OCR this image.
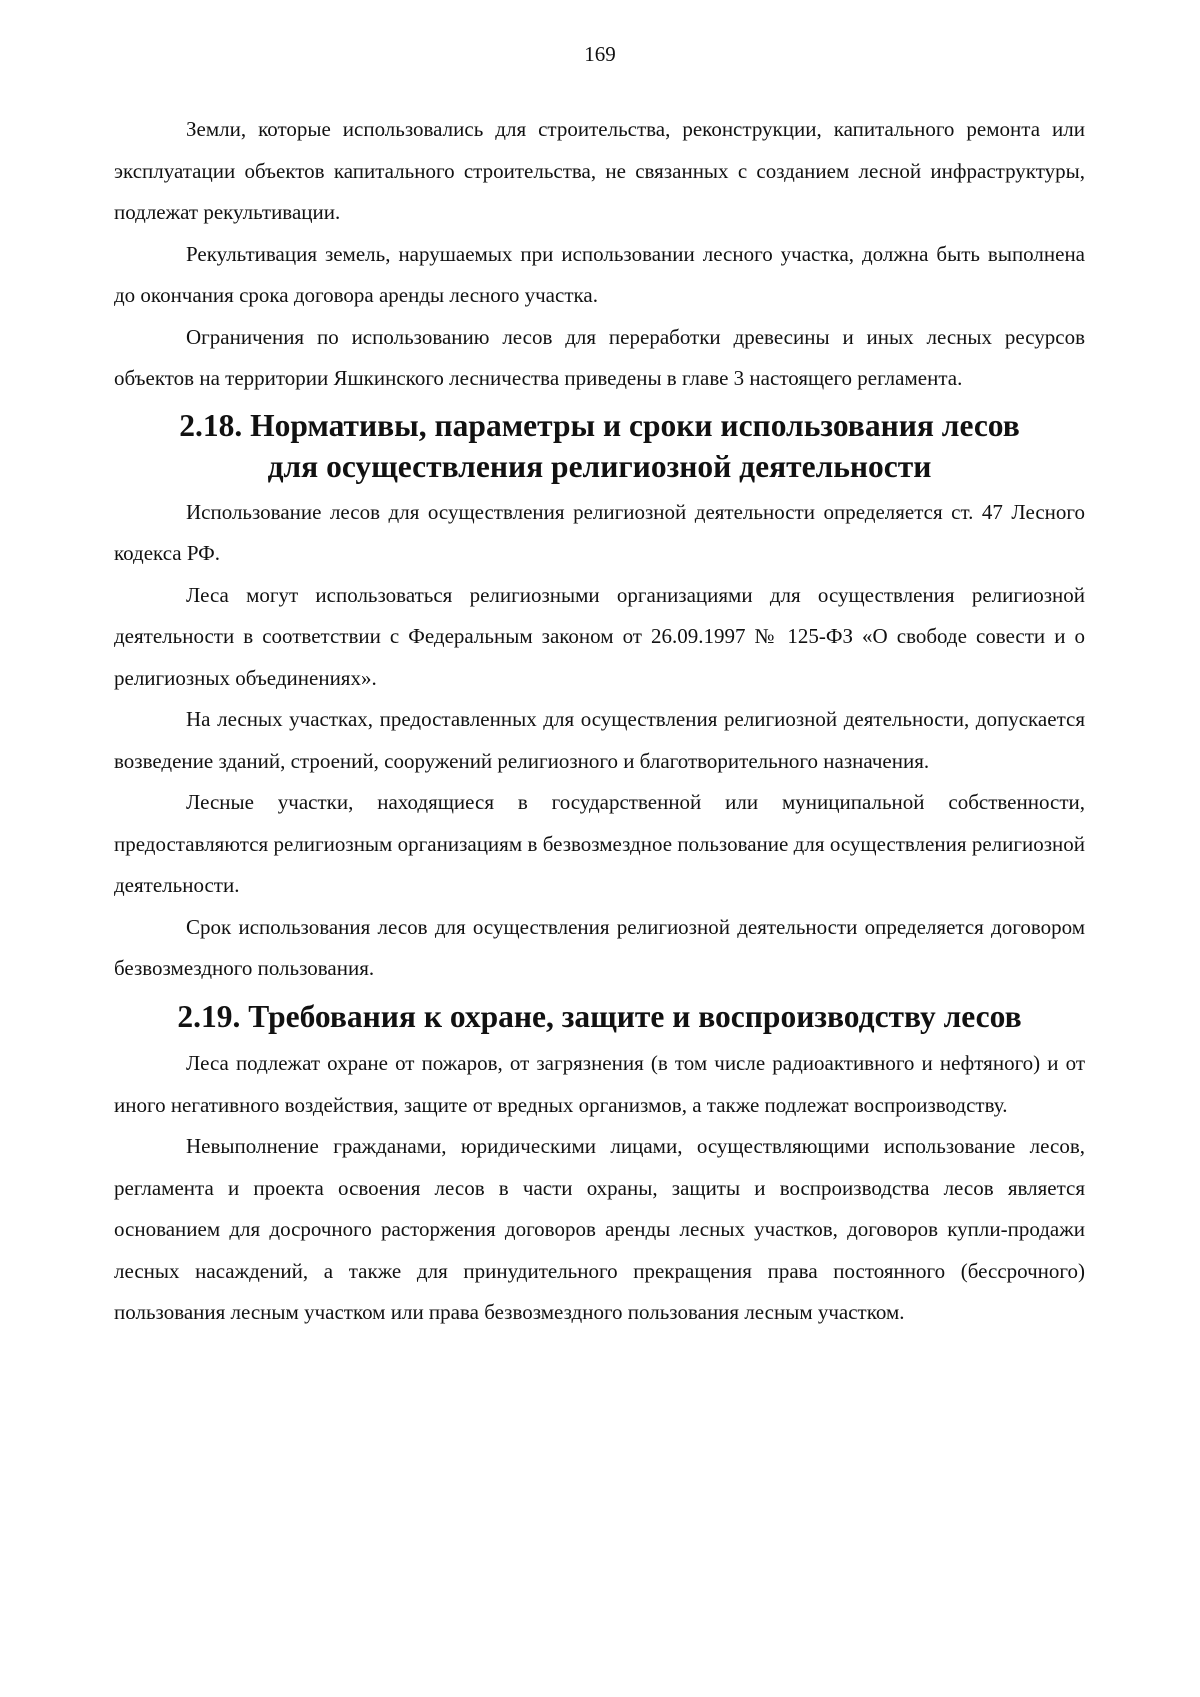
169

Земли, которые использовались для строительства, реконструкции, капитального ремонта или эксплуатации объектов капитального строительства, не связанных с созданием лесной инфраструктуры, подлежат рекультивации.

Рекультивация земель, нарушаемых при использовании лесного участка, должна быть выполнена до окончания срока договора аренды лесного участка.

Ограничения по использованию лесов для переработки древесины и иных лесных ресурсов объектов на территории Яшкинского лесничества приведены в главе 3 настоящего регламента.

2.18. Нормативы, параметры и сроки использования лесов для осуществления религиозной деятельности

Использование лесов для осуществления религиозной деятельности определяется ст. 47 Лесного кодекса РФ.

Леса могут использоваться религиозными организациями для осуществления религиозной деятельности в соответствии с Федеральным законом от 26.09.1997 № 125-ФЗ «О свободе совести и о религиозных объединениях».

На лесных участках, предоставленных для осуществления религиозной деятельности, допускается возведение зданий, строений, сооружений религиозного и благотворительного назначения.

Лесные участки, находящиеся в государственной или муниципальной собственности, предоставляются религиозным организациям в безвозмездное пользование для осуществления религиозной деятельности.

Срок использования лесов для осуществления религиозной деятельности определяется договором безвозмездного пользования.

2.19. Требования к охране, защите и воспроизводству лесов

Леса подлежат охране от пожаров, от загрязнения (в том числе радиоактивного и нефтяного) и от иного негативного воздействия, защите от вредных организмов, а также подлежат воспроизводству.

Невыполнение гражданами, юридическими лицами, осуществляющими использование лесов, регламента и проекта освоения лесов в части охраны, защиты и воспроизводства лесов является основанием для досрочного расторжения договоров аренды лесных участков, договоров купли-продажи лесных насаждений, а также для принудительного прекращения права постоянного (бессрочного) пользования лесным участком или права безвозмездного пользования лесным участком.
